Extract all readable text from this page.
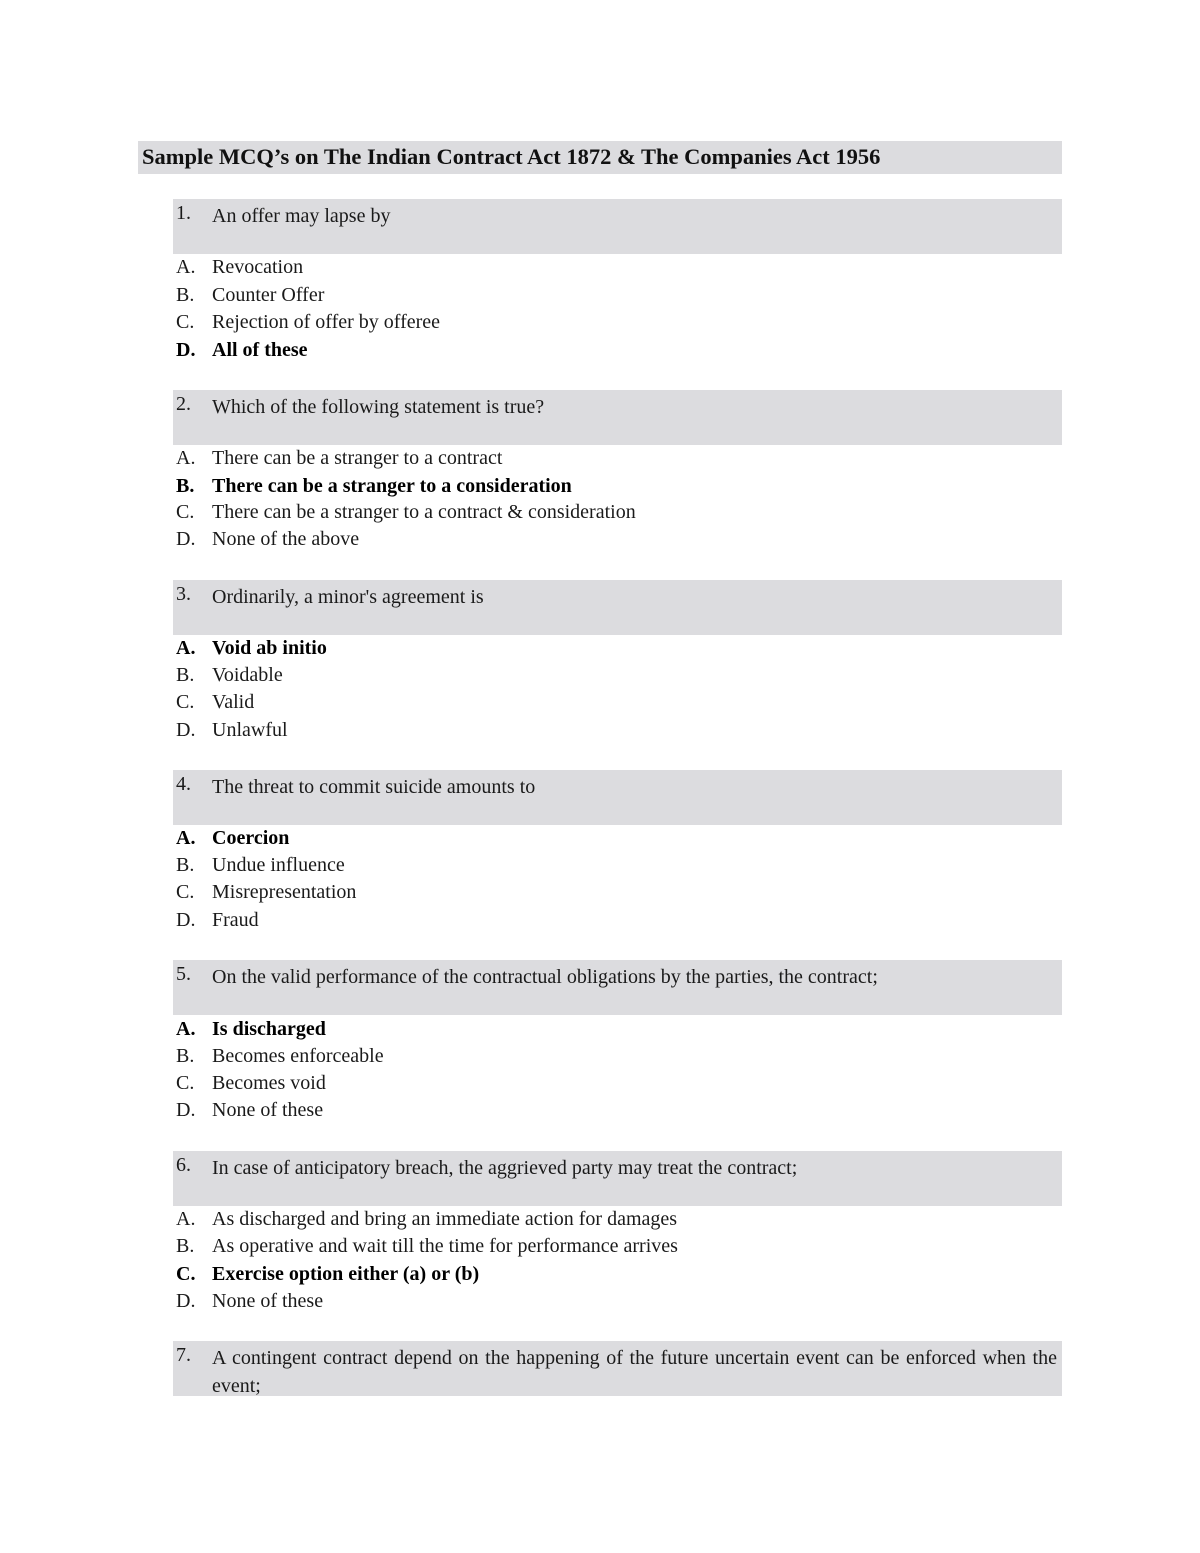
Sample MCQ’s on The Indian Contract Act 1872 & The Companies Act 1956
1. An offer may lapse by
A. Revocation
B. Counter Offer
C. Rejection of offer by offeree
D. All of these
2. Which of the following statement is true?
A. There can be a stranger to a contract
B. There can be a stranger to a consideration
C. There can be a stranger to a contract & consideration
D. None of the above
3. Ordinarily, a minor's agreement is
A. Void ab initio
B. Voidable
C. Valid
D. Unlawful
4. The threat to commit suicide amounts to
A. Coercion
B. Undue influence
C. Misrepresentation
D. Fraud
5. On the valid performance of the contractual obligations by the parties, the contract;
A. Is discharged
B. Becomes enforceable
C. Becomes void
D. None of these
6. In case of anticipatory breach, the aggrieved party may treat the contract;
A. As discharged and bring an immediate action for damages
B. As operative and wait till the time for performance arrives
C. Exercise option either (a) or (b)
D. None of these
7. A contingent contract depend on the happening of the future uncertain event can be enforced when the event;
